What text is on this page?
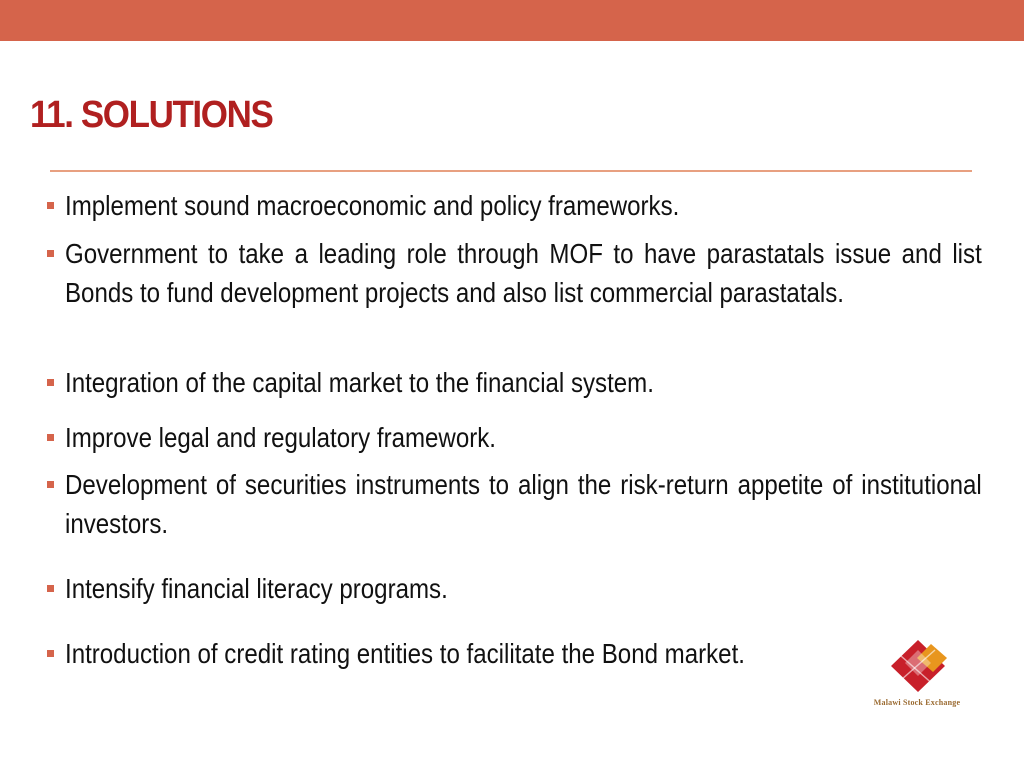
11. SOLUTIONS
Implement sound macroeconomic and policy frameworks.
Government to take a leading role through MOF to have parastatals issue and list Bonds to fund development projects and also list commercial parastatals.
Integration of the capital market to the financial system.
Improve legal and regulatory framework.
Development of securities instruments to align the risk-return appetite of institutional investors.
Intensify financial literacy programs.
Introduction of credit rating entities to facilitate the Bond market.
Malawi Stock Exchange
